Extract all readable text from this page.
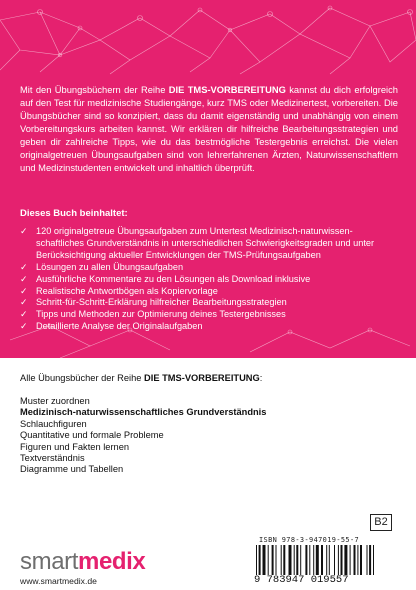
Mit den Übungsbüchern der Reihe DIE TMS-VORBEREITUNG kannst du dich erfolgreich auf den Test für medizinische Studiengänge, kurz TMS oder Medizinertest, vorbereiten. Die Übungsbücher sind so konzipiert, dass du damit eigenständig und unabhängig von einem Vorbereitungskurs arbeiten kannst. Wir erklären dir hilfreiche Bearbeitungsstrategien und geben dir zahlreiche Tipps, wie du das bestmögliche Testergebnis erreichst. Die vielen originalgetreuen Übungsaufgaben sind von lehrerfahrenen Ärzten, Naturwissenschaftlern und Medizinstudenten entwickelt und inhaltlich überprüft.

Dieses Buch beinhaltet:

✓ 120 originalgetreue Übungsaufgaben zum Untertest Medizinisch-naturwissen-schaftliches Grundverständnis in unterschiedlichen Schwierigkeitsgraden und unter Berücksichtigung aktueller Entwicklungen der TMS-Prüfungsaufgaben
✓ Lösungen zu allen Übungsaufgaben
✓ Ausführliche Kommentare zu den Lösungen als Download inklusive
✓ Realistische Antwortbögen als Kopiervorlage
✓ Schritt-für-Schritt-Erklärung hilfreicher Bearbeitungsstrategien
✓ Tipps und Methoden zur Optimierung deines Testergebnisses
✓ Detaillierte Analyse der Originalaufgaben

Alle Übungsbücher der Reihe DIE TMS-VORBEREITUNG:

Muster zuordnen
Medizinisch-naturwissenschaftliches Grundverständnis
Schlauchfiguren
Quantitative und formale Probleme
Figuren und Fakten lernen
Textverständnis
Diagramme und Tabellen
B2
ISBN 978-3-947019-55-7
9 783947 019557
smartmedix
www.smartmedix.de
